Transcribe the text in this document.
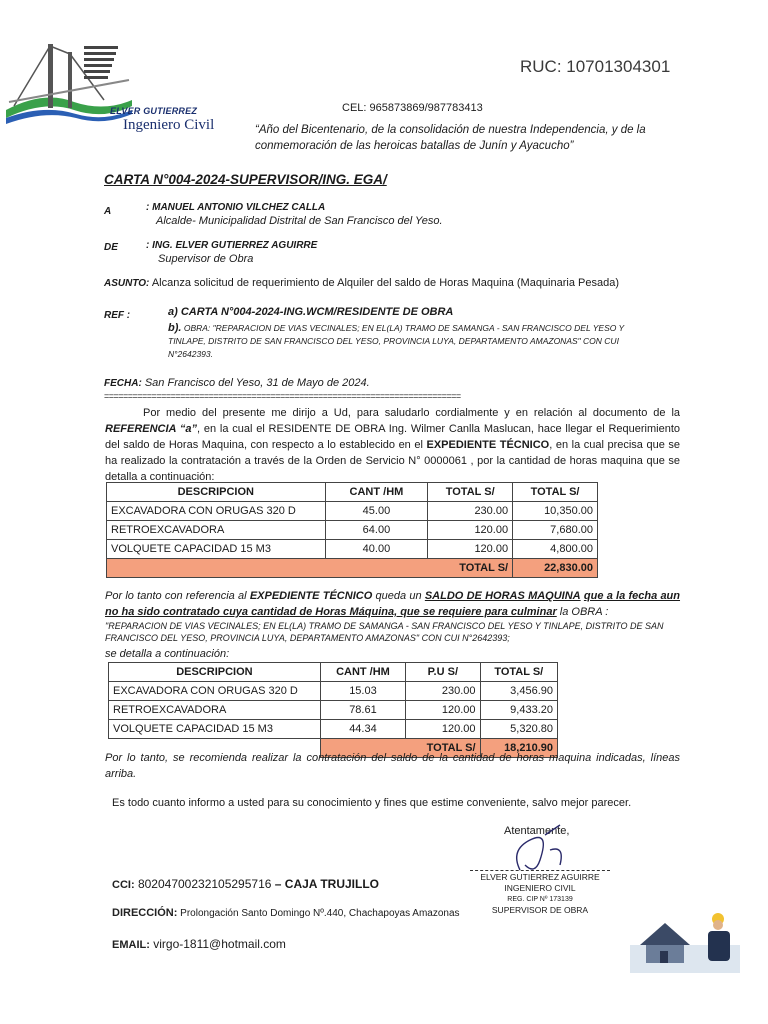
ELVER GUTIERREZ
Ingeniero Civil
RUC: 10701304301
CEL: 965873869/987783413
“Año del Bicentenario, de la consolidación de nuestra Independencia, y de la conmemoración de las heroicas batallas de Junín y Ayacucho”
CARTA N°004-2024-SUPERVISOR/ING. EGA/
A	: MANUEL ANTONIO VILCHEZ CALLA
Alcalde- Municipalidad Distrital de San Francisco del Yeso.
DE	: ING. ELVER GUTIERREZ AGUIRRE
Supervisor de Obra
ASUNTO: Alcanza solicitud de requerimiento de Alquiler del saldo de Horas Maquina (Maquinaria Pesada)
REF :	a) CARTA N°004-2024-ING.WCM/RESIDENTE DE OBRA
b). OBRA: "REPARACION DE VIAS VECINALES; EN EL(LA) TRAMO DE SAMANGA - SAN FRANCISCO DEL YESO Y TINLAPE, DISTRITO DE SAN FRANCISCO DEL YESO, PROVINCIA LUYA, DEPARTAMENTO AMAZONAS" CON CUI N°2642393.
FECHA: San Francisco del Yeso, 31 de Mayo de 2024.
===========================================================================
Por medio del presente me dirijo a Ud, para saludarlo cordialmente y en relación al documento de la REFERENCIA “a”, en la cual el RESIDENTE DE OBRA Ing. Wilmer Canlla Maslucan, hace llegar el Requerimiento del saldo de Horas Maquina, con respecto a lo establecido en el EXPEDIENTE TÉCNICO, en la cual precisa que se ha realizado la contratación a través de la Orden de Servicio N° 0000061 , por la cantidad de horas maquina que se detalla a continuación:
DESCRIPCION	CANT /HM	TOTAL S/	TOTAL S/
EXCAVADORA CON ORUGAS 320 D	45.00	230.00	10,350.00
RETROEXCAVADORA	64.00	120.00	7,680.00
VOLQUETE CAPACIDAD 15 M3	40.00	120.00	4,800.00
TOTAL S/			22,830.00
Por lo tanto con referencia al EXPEDIENTE TÉCNICO queda un SALDO DE HORAS MAQUINA que a la fecha aun no ha sido contratado cuya cantidad de Horas Máquina, que se requiere para culminar la OBRA :
"REPARACION DE VIAS VECINALES; EN EL(LA) TRAMO DE SAMANGA - SAN FRANCISCO DEL YESO Y TINLAPE, DISTRITO DE SAN FRANCISCO DEL YESO, PROVINCIA LUYA, DEPARTAMENTO AMAZONAS" CON CUI N°2642393;
se detalla a continuación:
DESCRIPCION	CANT /HM	P.U S/	TOTAL S/
EXCAVADORA CON ORUGAS 320 D	15.03	230.00	3,456.90
RETROEXCAVADORA	78.61	120.00	9,433.20
VOLQUETE CAPACIDAD 15 M3	44.34	120.00	5,320.80
	TOTAL S/		18,210.90
Por lo tanto, se recomienda realizar la contratación del saldo de la cantidad de horas maquina indicadas, líneas arriba.
Es todo cuanto informo a usted para su conocimiento y fines que estime conveniente, salvo mejor parecer.
Atentamente,
ELVER GUTIERREZ AGUIRRE
INGENIERO CIVIL
REG. CIP Nº 173139
SUPERVISOR DE OBRA
CCI: 80204700232105295716 – CAJA TRUJILLO
DIRECCIÓN: Prolongación Santo Domingo Nº.440, Chachapoyas Amazonas
EMAIL: virgo-1811@hotmail.com
